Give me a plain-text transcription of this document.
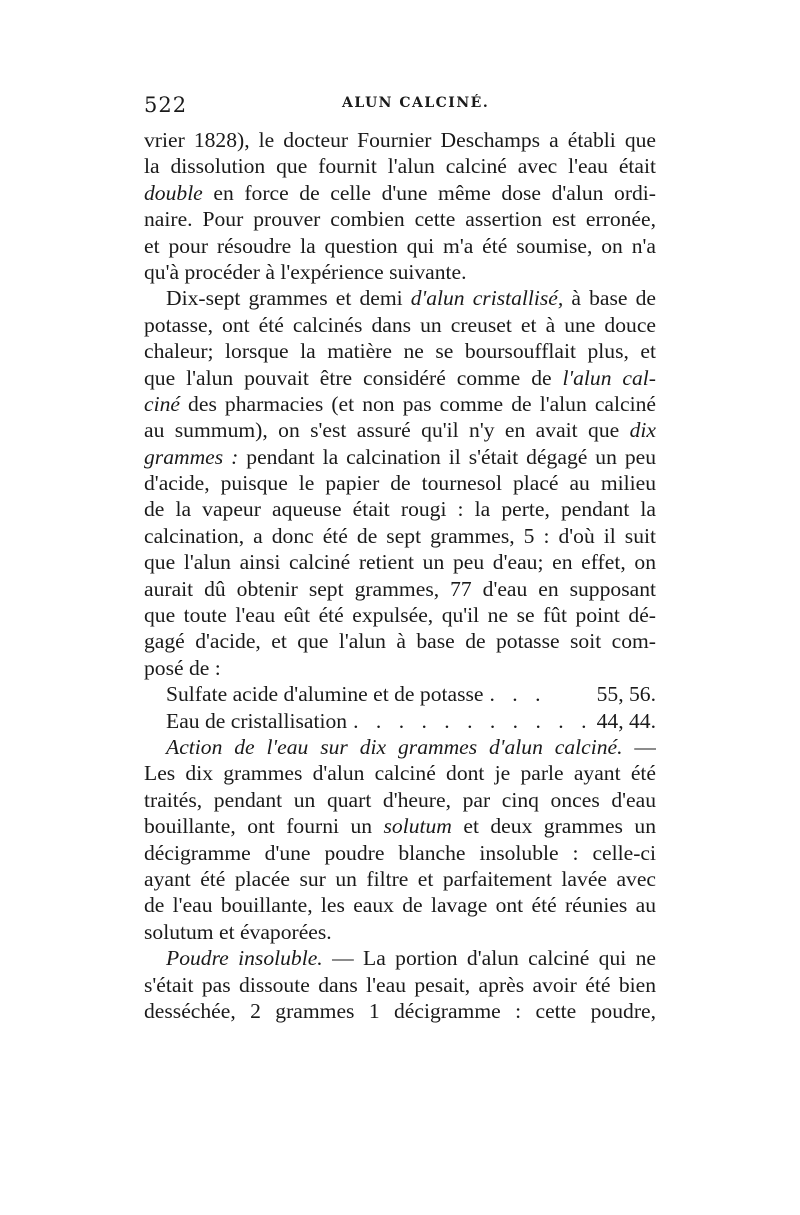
522	ALUN CALCINÉ.
vrier 1828), le docteur Fournier Deschamps a établi que
la dissolution que fournit l'alun calciné avec l'eau était
double en force de celle d'une même dose d'alun ordi-
naire. Pour prouver combien cette assertion est erronée,
et pour résoudre la question qui m'a été soumise, on n'a
qu'à procéder à l'expérience suivante.
Dix-sept grammes et demi d'alun cristallisé, à base de
potasse, ont été calcinés dans un creuset et à une douce
chaleur; lorsque la matière ne se boursoufflait plus, et
que l'alun pouvait être considéré comme de l'alun cal-
ciné des pharmacies (et non pas comme de l'alun calciné
au summum), on s'est assuré qu'il n'y en avait que dix
grammes : pendant la calcination il s'était dégagé un peu
d'acide, puisque le papier de tournesol placé au milieu
de la vapeur aqueuse était rougi : la perte, pendant la
calcination, a donc été de sept grammes, 5 : d'où il suit
que l'alun ainsi calciné retient un peu d'eau; en effet, on
aurait dû obtenir sept grammes, 77 d'eau en supposant
que toute l'eau eût été expulsée, qu'il ne se fût point dé-
gagé d'acide, et que l'alun à base de potasse soit com-
posé de :
Sulfate acide d'alumine et de potasse . . .	55, 56.
Eau de cristallisation . . . . . . . . . . . 44, 44.
Action de l'eau sur dix grammes d'alun calciné. —
Les dix grammes d'alun calciné dont je parle ayant été
traités, pendant un quart d'heure, par cinq onces d'eau
bouillante, ont fourni un solutum et deux grammes un
décigramme d'une poudre blanche insoluble : celle-ci
ayant été placée sur un filtre et parfaitement lavée avec
de l'eau bouillante, les eaux de lavage ont été réunies au
solutum et évaporées.
Poudre insoluble. — La portion d'alun calciné qui ne
s'était pas dissoute dans l'eau pesait, après avoir été bien
desséchée, 2 grammes 1 décigramme : cette poudre,
